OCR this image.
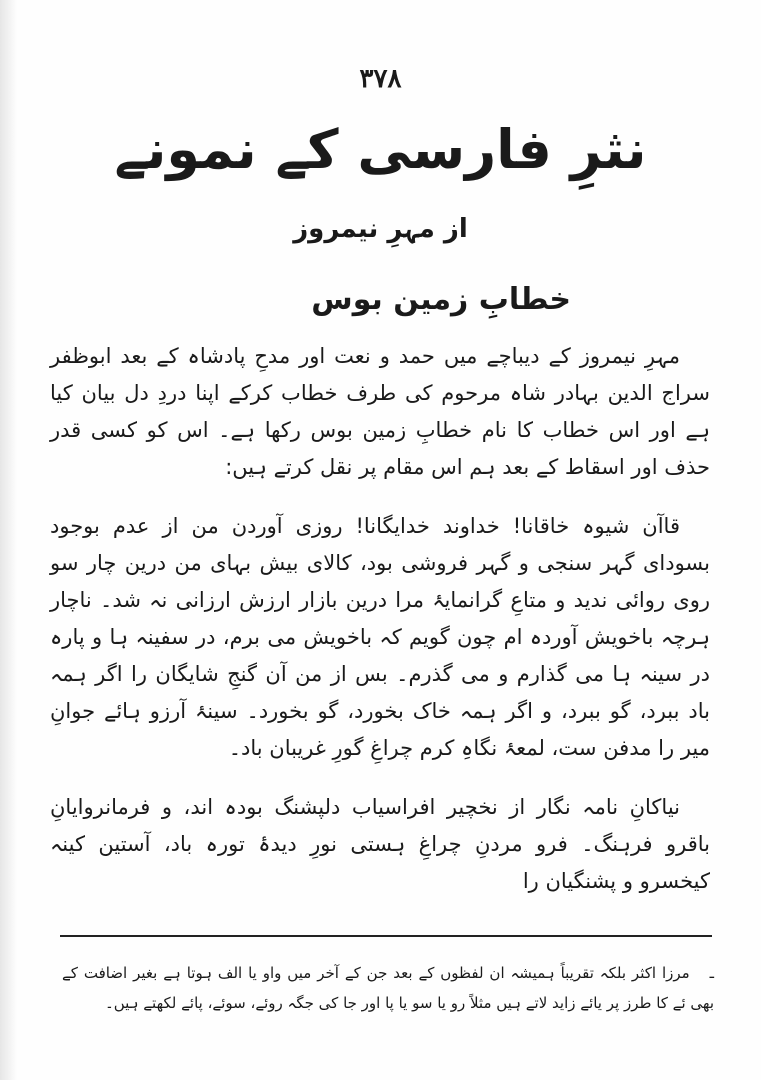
۳۷۸
نثرِ فارسی کے نمونے
از مہرِ نیمروز
خطابِ زمین بوس

مہرِ نیمروز کے دیباچے میں حمد و نعت اور مدحِ پادشاہ کے بعد ابوظفر سراج الدین بہادر شاہ مرحوم کی طرف خطاب کرکے اپنا دردِ دل بیان کیا ہے اور اس خطاب کا نام خطابِ زمین بوس رکھا ہے۔ اس کو کسی قدر حذف اور اسقاط کے بعد ہم اس مقام پر نقل کرتے ہیں:

قاآن شیوہ خاقانا! خداوند خدایگانا! روزی آوردن من از عدم بوجود بسودای گہر سنجی و گہر فروشی بود، کالای بیش بہای من درین چار سو روی روائی ندید و متاعِ گرانمایۂ مرا درین بازار ارزش ارزانی نہ شد۔ ناچار ہرچہ باخویش آوردہ ام چون گویم کہ باخویش می برم، در سفینہ ہا و پارہ در سینہ ہا می گذارم و می گذرم۔ بس از من آن گنجِ شایگان را اگر ہمہ باد ببرد، گو ببرد، و اگر ہمہ خاک بخورد، گو بخورد۔ سینۂ آرزو ہائے جوانِ میر را مدفن ست، لمعۂ نگاہِ کرم چراغِ گورِ غریبان باد۔

نیاکانِ نامہ نگار از نخچیر افراسیاب دلپشنگ بودہ اند، و فرمانروایانِ باقرو فرہنگ۔ فرو مردنِ چراغِ ہستی نورِ دیدۂ تورہ باد، آستین کینہ کیخسرو و پشنگیان را

ـ مرزا اکثر بلکہ تقریباً ہمیشہ ان لفظوں کے بعد جن کے آخر میں واو یا الف ہوتا ہے بغیر اضافت کے بھی ئے کا طرز پر یائے زاید لاتے ہیں مثلاً رو یا سو یا پا اور جا کی جگہ روئے، سوئے، پائے لکھتے ہیں۔
